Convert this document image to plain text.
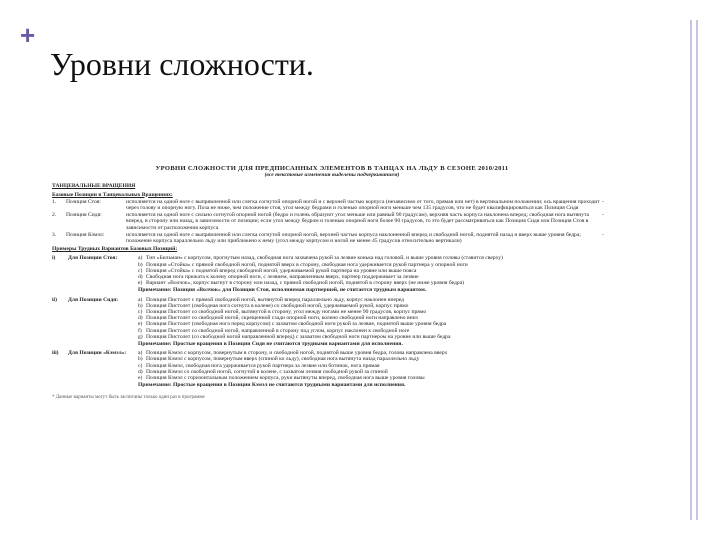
+
Уровни сложности.
УРОВНИ СЛОЖНОСТИ ДЛЯ ПРЕДПИСАННЫХ ЭЛЕМЕНТОВ В ТАНЦАХ НА ЛЬДУ В СЕЗОНЕ 2010/2011
(все текстовые изменения выделены подчеркиванием)
ТАНЦЕВАЛЬНЫЕ ВРАЩЕНИЯ
Базовые Позиции в Танцевальных Вращениях:
1.	Позиция Стоя:	исполняется на одной ноге с выпрямленной или слегка согнутой опорной ногой и с верхней частью корпуса (независимо от того, прямая или нет) в вертикальном положении; ось вращения проходит через голову и опорную ногу. Поза не ниже, чем положение стоя, угол между бедрами и голенью опорной ноги меньше чем 135 градусов, что не будет квалифицироваться как Позиция Сидя
-
2.	Позиция Сидя:	исполняется на одной ноге с сильно согнутой опорной ногой (бедро и голень образуют угол меньше или равный 90 градусам), верхняя часть корпуса наклонена вперед; свободная нога вытянута вперед, в сторону или назад, в зависимости от позиции; если угол между бедром и голенью опорной ноги более 90 градусов, то это будет рассматриваться как Позиция Сидя или Позиция Стоя в зависимости от расположения корпуса
-
3.	Позиция Кэмэл:	исполняется на одной ноге с выпрямленной или слегка согнутой опорной ногой, верхней частью корпуса наклоненной вперед и свободной ногой, поднятой назад и вверх выше уровня бедра; положение корпуса параллельно льду или приближено к нему (угол между корпусом и ногой не менее 45 градусов относительно вертикали)
-
Примеры Трудных Вариантов Базовых Позиций:
i)	Для Позиции Стоя:	a) Тип «Бильман» с корпусом, прогнутым назад, свободная нога захвачена рукой за лезвие конька над головой, и выше уровня головы (ставится сверху)
b) Позиция «Стойка» с прямой свободной ногой, поднятой вверх в сторону, свободная нога удерживается рукой партнера у опорной ноги
c) Позиция «Стойка» с поднятой вперед свободной ногой, удерживаемой рукой партнера на уровне или выше пояса
d) Свободная нога прижата к колену опорной ноги, с лезвием, направленным вверх, партнер поддерживает за лезвие
e) Вариант «Волчок», корпус выгнут в сторону или назад, с прямой свободной ногой, поднятой в сторону вверх (не ниже уровня бедра)
Примечание: Позиция «Волчок» для Позиции Стоя, исполняемая партнершей, не считается трудным вариантом.
ii)	Для Позиции Сидя:	a) Позиция Пистолет с прямой свободной ногой, вытянутой вперед параллельно льду, корпус наклонен вперед
b) Позиция Пистолет (свободная нога согнута в колене) со свободной ногой, удерживаемой рукой, корпус прямо
c) Позиция Пистолет со свободной ногой, вытянутой в сторону, угол между ногами не менее 90 градусов, корпус прямо
d) Позиция Пистолет со свободной ногой, скрещенной сзади опорной ноги, колено свободной ноги направлено вниз
e) Позиция Пистолет (свободная нога перед корпусом) с захватом свободной ноги рукой за лезвие, поднятой выше уровня бедра
f) Позиция Пистолет со свободной ногой, направленной в сторону под углом, корпус наклонен к свободной ноге
g) Позиция Пистолет (со свободной ногой направленной вперед) с захватом свободной ноги партнером на уровне или выше бедра
Примечание: Простые вращения в Позиции Сидя не считаются трудными вариантами для исполнения.
iii)	Для Позиции «Кэмэл»:	a) Позиция Кэмэл с корпусом, повернутым в сторону, и свободной ногой, поднятой выше уровня бедра, голова направлена вверх
b) Позиция Кэмэл с корпусом, повернутым вверх (спиной ко льду), свободная нога вытянута назад параллельно льду
c) Позиция Кэмэл, свободная нога удерживается рукой партнера за лезвие или ботинок, нога прямая
d) Позиция Кэмэл со свободной ногой, согнутой в колене, с захватом лезвия свободной рукой за спиной
e) Позиция Кэмэл с горизонтальным положением корпуса, руки вытянуты вперед, свободная нога выше уровня головы
Примечание: Простые вращения в Позиции Кэмэл не считаются трудными вариантами для исполнения.
* Данные варианты могут быть засчитаны только один раз в программе
